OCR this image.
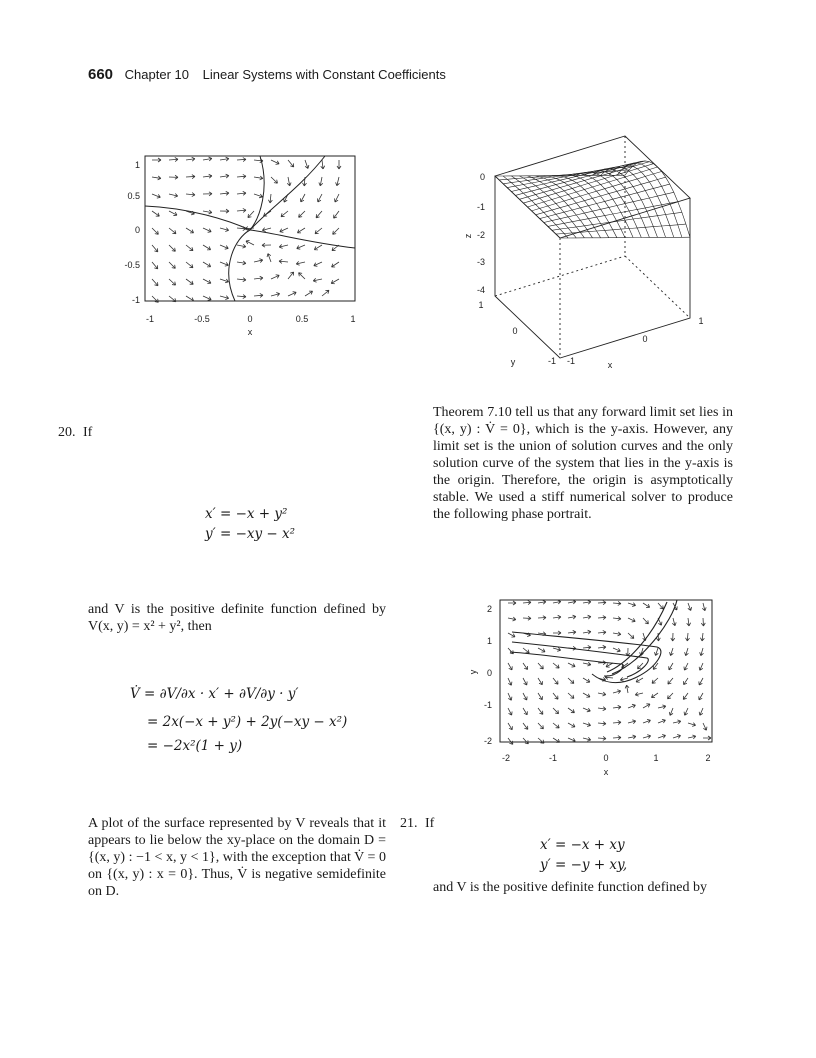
660 Chapter 10 Linear Systems with Constant Coefficients
1
0.5
0
-0.5
-1
-1	-0.5	0	0.5	1
x
0
-1
-2
-3
-4
z
1
0
-1
y	-1
0
1
x
20. If
x′ = −x + y²
y′ = −xy − x²
and V is the positive definite function defined by V(x, y) = x² + y², then
V̇ = ∂V/∂x · x′ + ∂V/∂y · y′
= 2x(−x + y²) + 2y(−xy − x²)
= −2x²(1 + y)
A plot of the surface represented by V reveals that it appears to lie below the xy-place on the domain D = {(x, y) : −1 < x, y < 1}, with the exception that V̇ = 0 on {(x, y) : x = 0}. Thus, V̇ is negative semidefinite on D.
Theorem 7.10 tell us that any forward limit set lies in {(x, y) : V̇ = 0}, which is the y-axis. However, any limit set is the union of solution curves and the only solution curve of the system that lies in the y-axis is the origin. Therefore, the origin is asymptotically stable. We used a stiff numerical solver to produce the following phase portrait.
2
1
0
-1
-2
y
-2	-1	0	1	2
x
21. If
x′ = −x + xy
y′ = −y + xy,
and V is the positive definite function defined by
